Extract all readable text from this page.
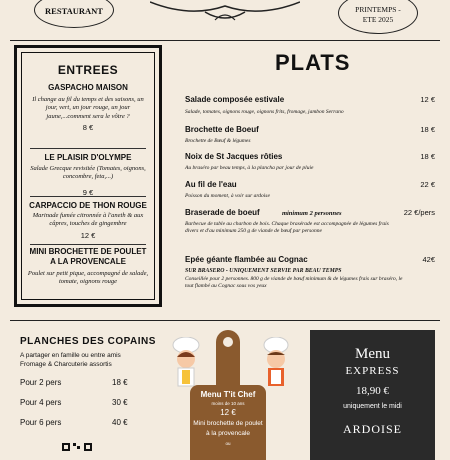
RESTAURANT	PRINTEMPS - ETE 2025
ENTREES
GASPACHO MAISON
Il change au fil du temps et des saisons, un jour, vert, un jour rouge, un jour jaune,...comment sera le vôtre ?
8 €
LE PLAISIR D'OLYMPE
Salade Grecque revisitée (Tomates, oignons, concombre, feta,...)
9 €
CARPACCIO DE THON ROUGE
Marinade fumée citronnée à l'aneth & aux câpres, touches de gingembre
12 €
MINI BROCHETTE DE POULET A LA PROVENCALE
Poulet sur petit pique, accompagné de salade, tomate, oignons rouge
PLATS
Salade composée estivale	12 €
Salade, tomates, oignons rouge, oignons frits, fromage, jambon Serrano
Brochette de Boeuf	18 €
Brochette de Bœuf & légumes
Noix de St Jacques rôties	18 €
Au braséro par beau temps, à la plancha par jour de pluie
Au fil de l'eau	22 €
Poisson du moment, à voir sur ardoise
Braserade de boeuf	minimum 2 personnes	22 €/pers
Barbecue de table au charbon de bois. Chaque braséradе est accompagnée de légumes frais divers et d'au minimum 250 g de viande de bœuf par personne
Epée géante flambée au Cognac	42€
SUR BRASERO - UNIQUEMENT SERVIE PAR BEAU TEMPS
Conseillée pour 2 personnes. 800 g de viande de bœuf minimum & de légumes frais sur braséro, le tout flambé au Cognac sous vos yeux
PLANCHES DES COPAINS
A partager en famille ou entre amis
Fromage & Charcuterie assortis
Pour 2 pers	18 €
Pour 4 pers	30 €
Pour 6 pers	40 €
Menu T'it Chef
moins de 10 ans
12 €
Mini brochette de poulet
à la provencale
ou
Menu
EXPRESS
18,90 €
uniquement le midi
ARDOISE
